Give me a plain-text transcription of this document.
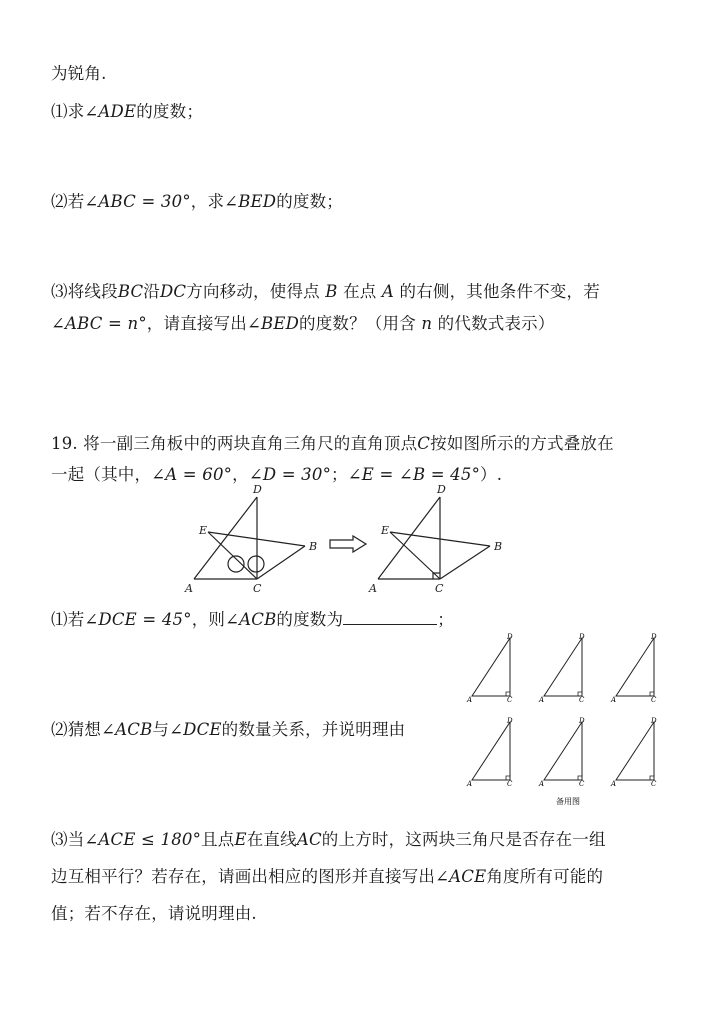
为锐角.
⑴求∠ADE的度数；
⑵若∠ABC = 30°，求∠BED的度数；
⑶将线段BC沿DC方向移动，使得点 B 在点 A 的右侧，其他条件不变，若
∠ABC = n°，请直接写出∠BED的度数？（用含 n 的代数式表示）
19. 将一副三角板中的两块直角三角尺的直角顶点C按如图所示的方式叠放在
一起（其中，∠A = 60°，∠D = 30°；∠E = ∠B = 45°）.
D
E
B
A	C
D
E
B
A	C
⑴若∠DCE = 45°，则∠ACB的度数为	；
⑵猜想∠ACB与∠DCE的数量关系，并说明理由
D
A	C
D
A	C
D
A	C
D
A	C
D
A	C
D
A	C
备用图
⑶当∠ACE ≤ 180°且点E在直线AC的上方时，这两块三角尺是否存在一组
边互相平行？若存在，请画出相应的图形并直接写出∠ACE角度所有可能的
值；若不存在，请说明理由.
